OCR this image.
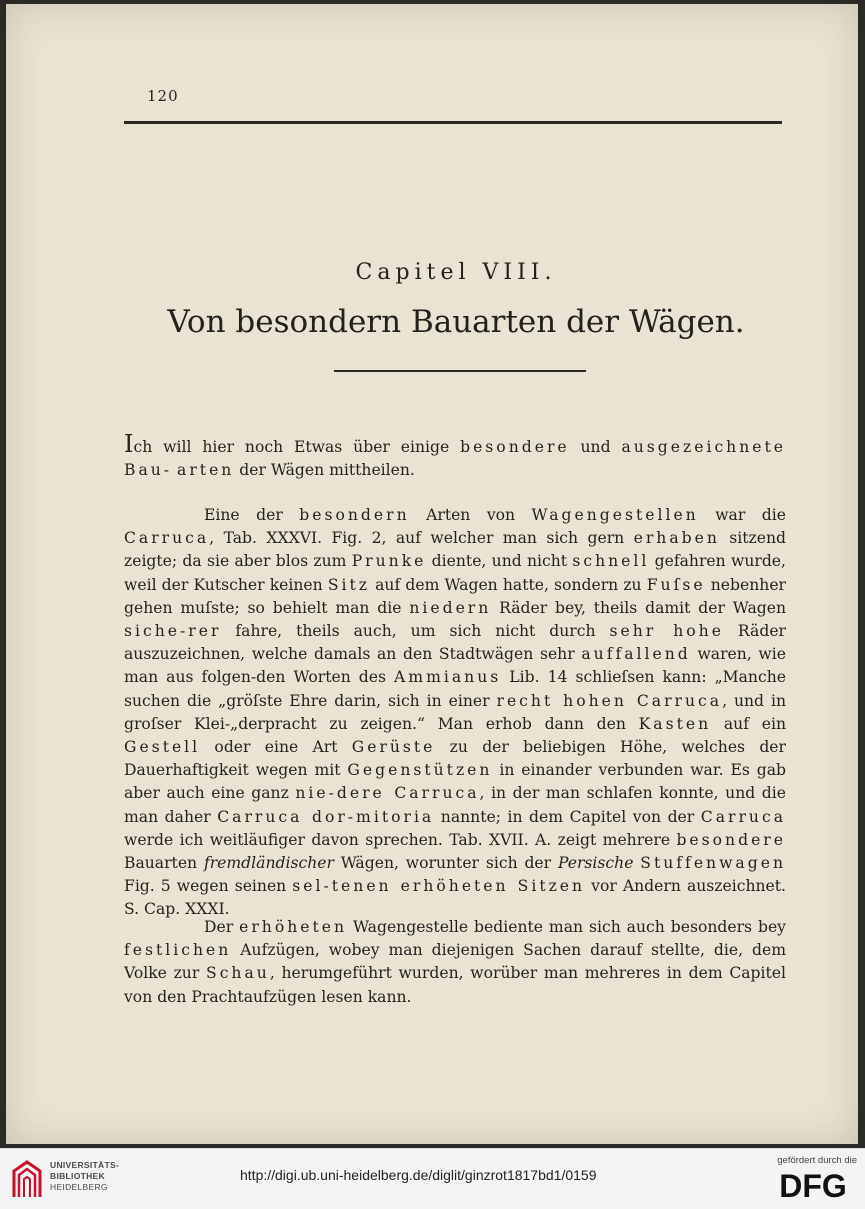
120
Capitel VIII.
Von besondern Bauarten der Wägen.

Ich will hier noch Etwas über einige besondere und ausgezeichnete Bau- arten der Wägen mittheilen.

Eine der besondern Arten von Wagengestellen war die Carruca, Tab. XXXVI. Fig. 2, auf welcher man sich gern erhaben sitzend zeigte; da sie aber blos zum Prunke diente, und nicht schnell gefahren wurde, weil der Kutscher keinen Sitz auf dem Wagen hatte, sondern zu Fuſse nebenher gehen muſste; so behielt man die niedern Räder bey, theils damit der Wagen siche-rer fahre, theils auch, um sich nicht durch sehr hohe Räder auszuzeichnen, welche damals an den Stadtwägen sehr auffallend waren, wie man aus folgen-den Worten des Ammianus Lib. 14 schlieſsen kann: „Manche suchen die „gröſste Ehre darin, sich in einer recht hohen Carruca, und in groſser Klei-„derpracht zu zeigen.“ Man erhob dann den Kasten auf ein Gestell oder eine Art Gerüste zu der beliebigen Höhe, welches der Dauerhaftigkeit wegen mit Gegenstützen in einander verbunden war. Es gab aber auch eine ganz nie-dere Carruca, in der man schlafen konnte, und die man daher Carruca dor-mitoria nannte; in dem Capitel von der Carruca werde ich weitläufiger davon sprechen. Tab. XVII. A. zeigt mehrere besondere Bauarten fremdländischer Wägen, worunter sich der Persische Stuffenwagen Fig. 5 wegen seinen sel-tenen erhöheten Sitzen vor Andern auszeichnet. S. Cap. XXXI.

Der erhöheten Wagengestelle bediente man sich auch besonders bey festlichen Aufzügen, wobey man diejenigen Sachen darauf stellte, die, dem Volke zur Schau, herumgeführt wurden, worüber man mehreres in dem Capitel von den Prachtaufzügen lesen kann.

UNIVERSITÄTS-
BIBLIOTHEK
HEIDELBERG
http://digi.ub.uni-heidelberg.de/diglit/ginzrot1817bd1/0159
gefördert durch die
DFG
